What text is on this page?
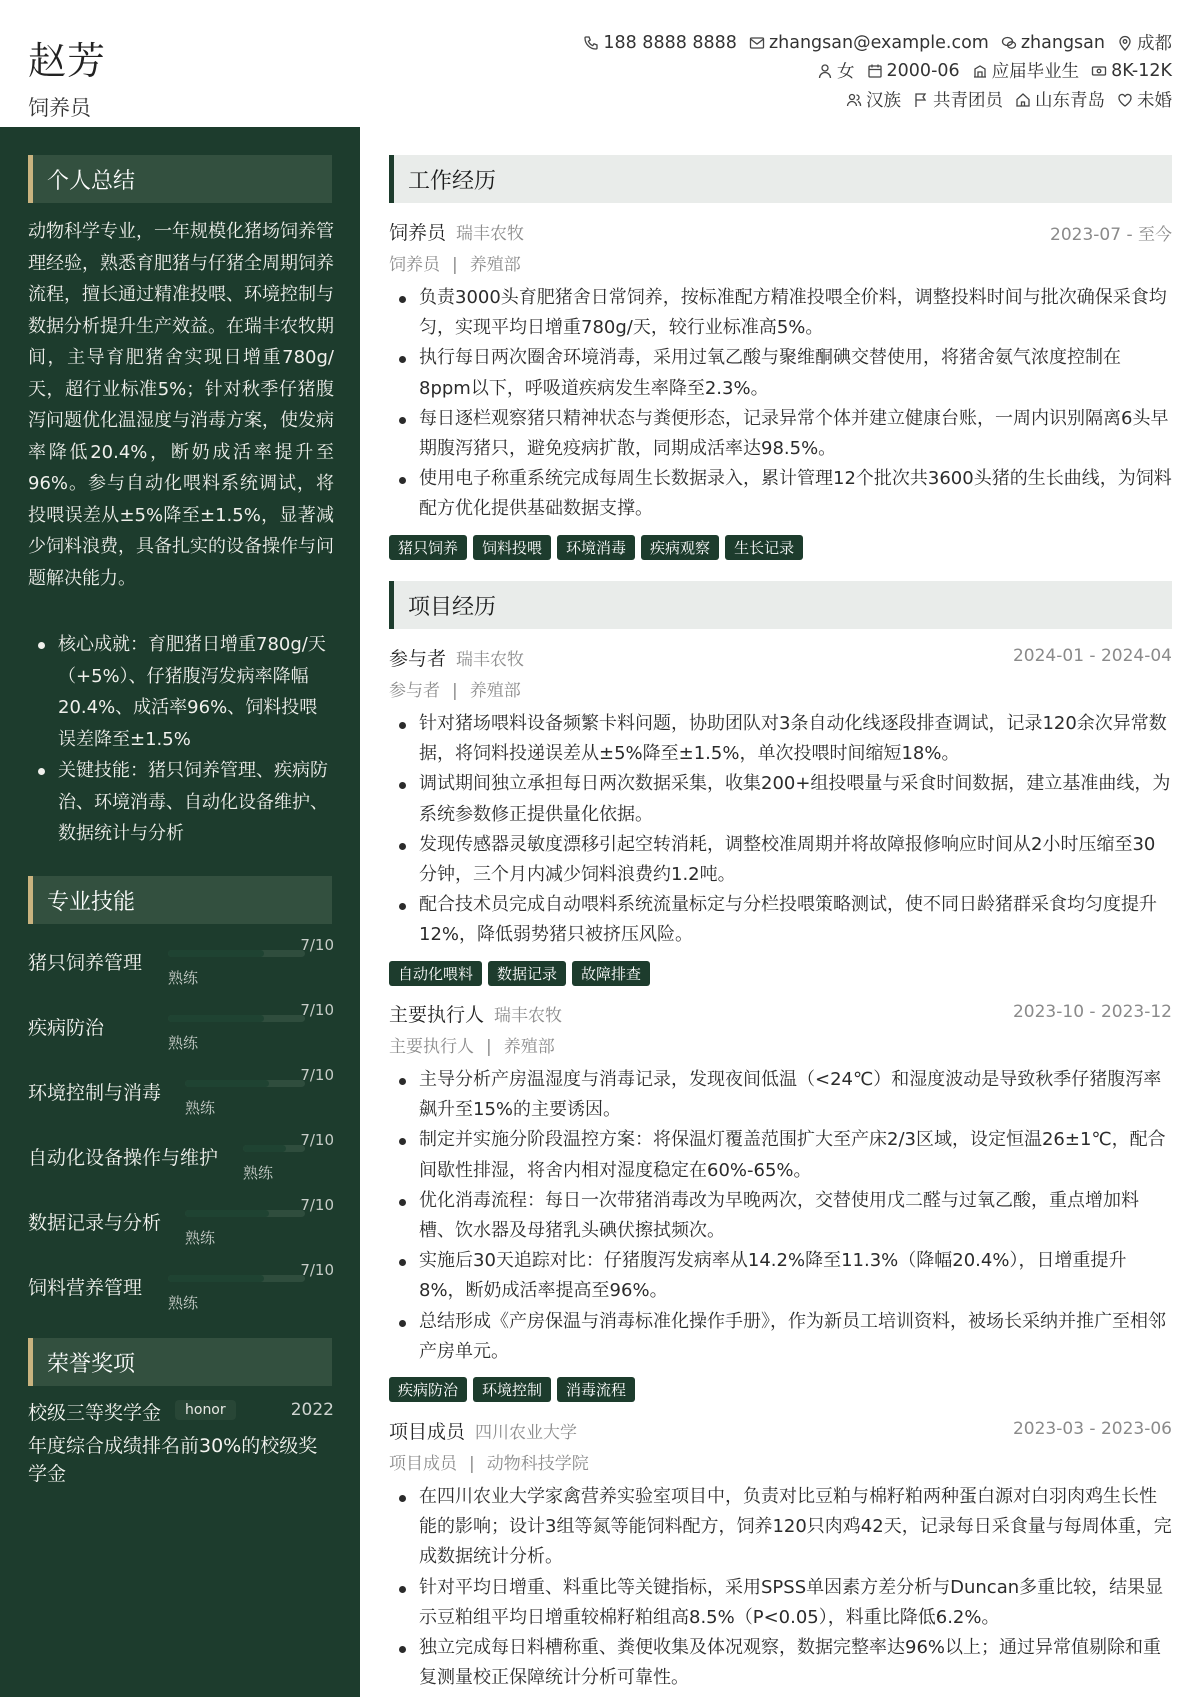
赵芳
饲养员
188 8888 8888 zhangsan@example.com zhangsan 成都
女 2000-06 应届毕业生 8K-12K
汉族 共青团员 山东青岛 未婚
个人总结
动物科学专业，一年规模化猪场饲养管理经验，熟悉育肥猪与仔猪全周期饲养流程，擅长通过精准投喂、环境控制与数据分析提升生产效益。在瑞丰农牧期间，主导育肥猪舍实现日增重780g/天，超行业标准5%；针对秋季仔猪腹泻问题优化温湿度与消毒方案，使发病率降低20.4%，断奶成活率提升至96%。参与自动化喂料系统调试，将投喂误差从±5%降至±1.5%，显著减少饲料浪费，具备扎实的设备操作与问题解决能力。
核心成就：育肥猪日增重780g/天（+5%）、仔猪腹泻发病率降幅20.4%、成活率96%、饲料投喂误差降至±1.5%
关键技能：猪只饲养管理、疾病防治、环境消毒、自动化设备维护、数据统计与分析
专业技能
猪只饲养管理
7/10
熟练
疾病防治
7/10
熟练
环境控制与消毒
7/10
熟练
自动化设备操作与维护
7/10
熟练
数据记录与分析
7/10
熟练
饲料营养管理
7/10
熟练
荣誉奖项
校级三等奖学金	honor	2022
年度综合成绩排名前30%的校级奖学金
工作经历
饲养员 瑞丰农牧	2023-07 - 至今
饲养员 | 养殖部
负责3000头育肥猪舍日常饲养，按标准配方精准投喂全价料，调整投料时间与批次确保采食均匀，实现平均日增重780g/天，较行业标准高5%。
执行每日两次圈舍环境消毒，采用过氧乙酸与聚维酮碘交替使用，将猪舍氨气浓度控制在8ppm以下，呼吸道疾病发生率降至2.3%。
每日逐栏观察猪只精神状态与粪便形态，记录异常个体并建立健康台账，一周内识别隔离6头早期腹泻猪只，避免疫病扩散，同期成活率达98.5%。
使用电子称重系统完成每周生长数据录入，累计管理12个批次共3600头猪的生长曲线，为饲料配方优化提供基础数据支撑。
猪只饲养	饲料投喂	环境消毒	疾病观察	生长记录
项目经历
参与者 瑞丰农牧	2024-01 - 2024-04
参与者 | 养殖部
针对猪场喂料设备频繁卡料问题，协助团队对3条自动化线逐段排查调试，记录120余次异常数据，将饲料投递误差从±5%降至±1.5%，单次投喂时间缩短18%。
调试期间独立承担每日两次数据采集，收集200+组投喂量与采食时间数据，建立基准曲线，为系统参数修正提供量化依据。
发现传感器灵敏度漂移引起空转消耗，调整校准周期并将故障报修响应时间从2小时压缩至30分钟，三个月内减少饲料浪费约1.2吨。
配合技术员完成自动喂料系统流量标定与分栏投喂策略测试，使不同日龄猪群采食均匀度提升12%，降低弱势猪只被挤压风险。
自动化喂料	数据记录	故障排查
主要执行人 瑞丰农牧	2023-10 - 2023-12
主要执行人 | 养殖部
主导分析产房温湿度与消毒记录，发现夜间低温（<24℃）和湿度波动是导致秋季仔猪腹泻率飙升至15%的主要诱因。
制定并实施分阶段温控方案：将保温灯覆盖范围扩大至产床2/3区域，设定恒温26±1℃，配合间歇性排湿，将舍内相对湿度稳定在60%-65%。
优化消毒流程：每日一次带猪消毒改为早晚两次，交替使用戊二醛与过氧乙酸，重点增加料槽、饮水器及母猪乳头碘伏擦拭频次。
实施后30天追踪对比：仔猪腹泻发病率从14.2%降至11.3%（降幅20.4%），日增重提升8%，断奶成活率提高至96%。
总结形成《产房保温与消毒标准化操作手册》，作为新员工培训资料，被场长采纳并推广至相邻产房单元。
疾病防治	环境控制	消毒流程
项目成员 四川农业大学	2023-03 - 2023-06
项目成员 | 动物科技学院
在四川农业大学家禽营养实验室项目中，负责对比豆粕与棉籽粕两种蛋白源对白羽肉鸡生长性能的影响；设计3组等氮等能饲料配方，饲养120只肉鸡42天，记录每日采食量与每周体重，完成数据统计分析。
针对平均日增重、料重比等关键指标，采用SPSS单因素方差分析与Duncan多重比较，结果显示豆粕组平均日增重较棉籽粕组高8.5%（P<0.05），料重比降低6.2%。
独立完成每日料槽称重、粪便收集及体况观察，数据完整率达96%以上；通过异常值剔除和重复测量校正保障统计分析可靠性。
